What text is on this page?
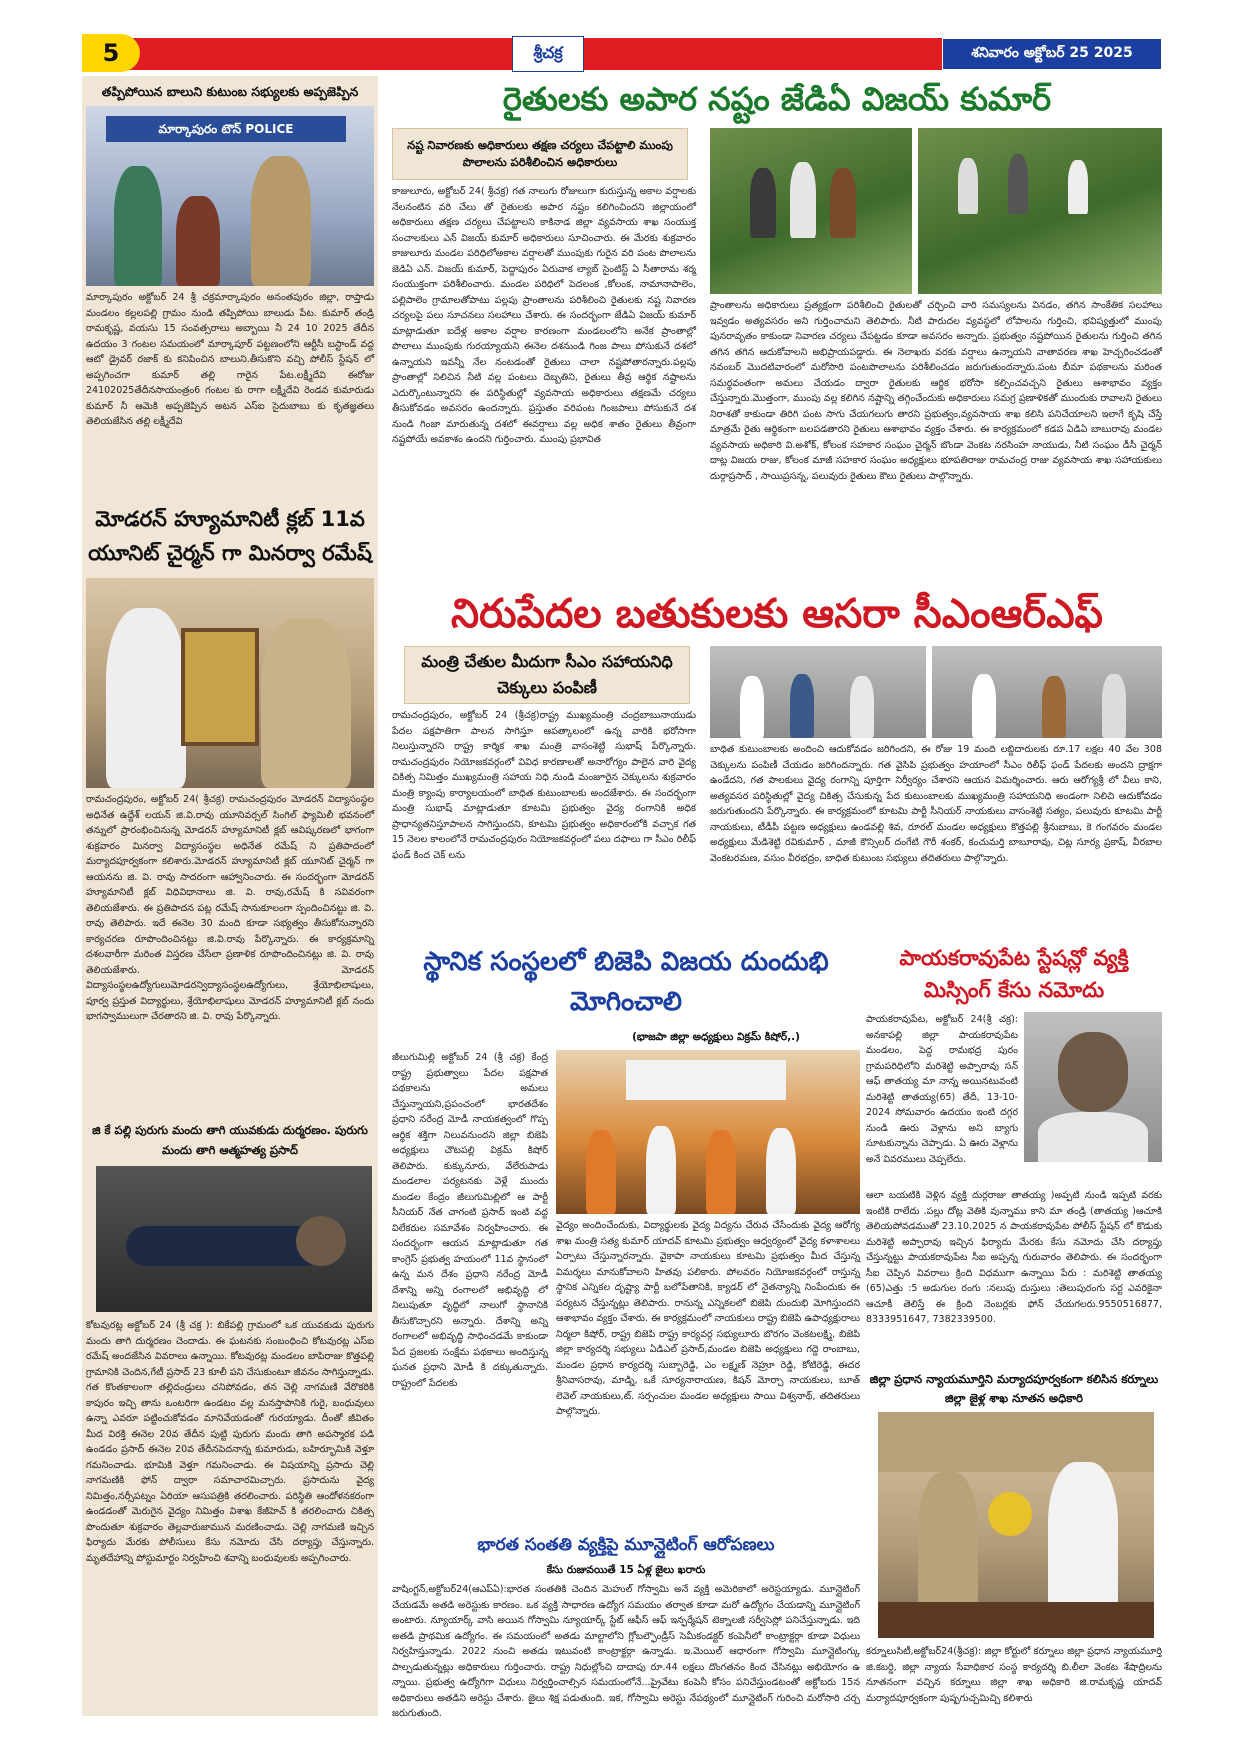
5	శ్రీచక్ర	శనివారం అక్టోబర్ 25 2025
తప్పిపోయిన బాలుని కుటుంబ సభ్యులకు అప్పజెప్పిన
మార్కాపురం టౌన్ POLICE
మార్కాపురం అక్టోబర్ 24 శ్రీ చక్రమార్కాపురం అనంతపురం జిల్లా, రాప్తాడు మండలం కల్లలపల్లి గ్రామం నుండి తప్పిపోయి బాలుడు పేట. కుమార్ తండ్రి రామకృష్ణ, వయసు 15 సంవత్సరాలు అబ్బాయి నీ 24 10 2025 తేదీన ఉదయం 3 గంటల సమయంలో మార్కాపూర్ పట్టణంలోని ఆర్టీసీ బస్టాండ్ వద్ద ఆటో డ్రైవర్ రజాక్ కు కనిపించిన బాలుని.తీసుకొని వచ్చి పోలీస్ స్టేషన్ లో అప్పగించగా కుమార్ తల్లి గారైన పేట.లక్ష్మీదేవి ఈరోజు 24102025తేదీనసాయంత్రం6 గంటల కు రాగా లక్ష్మీదేవి రెండవ కుమారుడు కుమార్ నీ ఆమెకి అప్పజెప్పిన అటన ఎస్ఐ సైదుబాబు కు కృతజ్ఞతలు తెలియజేసిన తల్లి లక్ష్మీదేవి
మోడరన్ హ్యూమానిటీ క్లబ్ 11వ యూనిట్ చైర్మన్ గా మినర్వా రమేష్
రామచంద్రపురం, అక్టోబర్ 24( శ్రీచక్ర) రామచంద్రపురం మోడరన్ విద్యాసంస్థల అధినేత ఉద్దేశ్ లయన్ జి.వి.రావు యూనివర్సల్ సింగిల్ ఫ్యామిలీ భవనంలో తన్నులో ప్రారంభించినున్న మోడరన్ హ్యూమానిటీ క్లబ్ ఆవిష్కరణలో భాగంగా శుక్రవారం మినర్వా విద్యాసంస్థల అధినేత రమేష్ ని ప్రతిపాదంలో మర్యాదపూర్వకంగా కలిశారు.మోడరన్ హ్యూమానిటీ క్లబ్ యూనిట్ చైర్మన్ గా ఆయనను జి. వి. రావు సాదరంగా ఆహ్వానించారు. ఈ సందర్భంగా మోడరన్ హ్యూమానిటీ క్లబ్ విధివిధానాలు జి. వి. రావు,రమేష్ కి సవివరంగా తెలియజేశారు. ఈ ప్రతిపాదన పట్ల రమేష్ సానుకూలంగా స్పందించినట్టు జి. వి. రావు తెలిపారు. ఇదే ఈనెల 30 మంది కూడా సభ్యత్వం తీసుకోనున్నారని కార్యచరణ రూపొందించినట్టు జి.వి.రావు పేర్కొన్నారు. ఈ కార్యక్రమాన్ని దశలవారీగా మరింత విస్తరణ చేసేలా ప్రణాళిక రూపొందించినట్లు జి. వి. రావు తెలియజేశారు. మోడరన్ విద్యాసంస్థలఉద్యోగులుమోడరన్విద్యాసంస్థలఉద్యోగులు, శ్రేయోభిలాషులు, పూర్వ ప్రస్తుత విద్యార్థులు, శ్రేయోభిలాషులు మోడరన్ హ్యూమానిటీ క్లబ్ నందు భాగస్వాములుగా చేరతారని జి. వి. రావు పేర్కొన్నారు.
జి కే పల్లి పురుగు మందు తాగి యువకుడు దుర్మరణం. పురుగు మందు తాగి ఆత్మహత్య ప్రసాద్
కోటవురట్ల అక్టోబర్ 24 (శ్రీ చక్ర ): బికేపల్లి గ్రామంలో ఒక యువకుడు పురుగు మందు తాగి దుర్మరణం చెందాడు. ఈ ఘటనకు సంబంధించి కోటవురట్ల ఎస్ఐ రమేష్ అందజేసిన వివరాలు ఉన్నాయి. కోటవురట్ల మండలం బాపిరాజు కొత్తపల్లి గ్రామానికి చెందిన,గేటీ ప్రసాద్ 23 కూలీ పని చేసుకుంటూ జీవనం సాగిస్తున్నాడు. గత కొంతకాలంగా తల్లిదండ్రులు చనిపోవడం, తన చెల్లి నాగమణి వేరొకరికి కాపురం ఇచ్చి తాను ఒంటరిగా ఉండటం వల్ల మనస్తాపానికి గురై, బంధువులు ఉన్నా ఎవరూ పట్టించుకోవడం మానివేయడంతో గురయ్యాడు. దీంతో జీవితం మీద విరక్తి ఈనెల 20వ తేదీన పుట్టి పురుగు మందు తాగి అపస్మారక పడి ఉండడం ప్రసాద్ ఈనెల 20వ తేదీనపెదనాన్న కుమారుడు, బహిర్భూమికి వెళ్తూ గమనించాడు. భూమికి వెళ్తూ గమనించాడు. ఈ విషయాన్ని ప్రసాదు చెల్లి నాగమణికి ఫోన్ ద్వారా సమాచారమిచ్చారు. ప్రసాదును వైద్య నిమిత్తం,నర్సీపట్నం ఏరియా ఆసుపత్రికి తరలించారు. పరిస్థితి ఆందోళనకరంగా ఉండడంతో మెరుగైన వైద్యం నిమిత్తం విశాఖ కేజీహెచ్ కి తరలించారు చికిత్స పొందుతూ శుక్రవారం తెల్లవారుజామున మరణించాడు. చెల్లి నాగమణి ఇచ్చిన ఫిర్యాదు మేరకు పోలీసులు కేసు నమోదు చేసి దర్యాప్తు చేస్తున్నారు. మృతదేహాన్ని పోస్టుమార్టం నిర్వహించి శవాన్ని బంధువులకు అప్పగించారు.
రైతులకు అపార నష్టం జేడిఏ విజయ్ కుమార్
నష్ట నివారణకు అధికారులు తక్షణ చర్యలు చేపట్టాలి ముంపు పొలాలను పరిశీలించిన అధికారులు
కాజులూరు, అక్టోబర్ 24( శ్రీచక్ర) గత నాలుగు రోజులుగా కురుస్తున్న అకాల వర్షాలకు నేలనంటిన వరి చేలు తో రైతులకు అపార నష్టం కలిగించిందని జిల్లాయంలో అధికారులు తక్షణ చర్యలు చేపట్టాలని కాకినాడ జిల్లా వ్యవసాయ శాఖ సంయుక్త సంచాలకులు ఎన్ విజయ్ కుమార్ అధికారులు సూచించారు. ఈ మేరకు శుక్రవారం కాజులూరు మండల పరిధిలోఅకాల వర్షాలతో ముంపుకు గురైన వరి పంట పొలాలను జెడిఏ ఎన్. విజయ్ కుమార్, పెద్దాపురం ఏరువాక ల్యాబ్ సైంటిస్ట్ ఏ సీతారామ శర్మ సంయుక్తంగా పరిశీలించారు. మండల పరిధిలో పెదలంక ,కోలంక, నామానాపాలెం, పల్లిపాలెం గ్రామాలతోపాటు పల్లపు ప్రాంతాలను పరిశీలించి రైతులకు నష్ట నివారణ చర్యలపై పలు సూచనలు సలహాలు చేశారు. ఈ సందర్భంగా జేడిఏ విజయ్ కుమార్ మాట్లాడుతూ ఐదేళ్ల అకాల వర్షాల కారణంగా మండలంలోని అనేక ప్రాంతాల్లో పొలాలు ముంపుకు గురయ్యాయని ఈనెల దశనుండి గింజ పాలు పోసుకునే దశలో ఉన్నాయని ఇవన్నీ నేల నంటడంతో రైతులు చాలా నష్టపోతారన్నారు.పల్లపు ప్రాంతాల్లో నిలిచిన నీటి వల్ల పంటలు దెబ్బతిని, రైతులు తీవ్ర ఆర్థిక నష్టాలను ఎదుర్కొంటున్నారని ఈ పరిస్థితుల్లో వ్యవసాయ అధికారులు తక్షణమే చర్యలు తీసుకోవడం అవసరం ఉందన్నారు. ప్రస్తుతం వరిపంట గింజపాలు పోసుకునే దశ నుండి గింజా మారుతున్న దశలో ఈవర్షాలు వల్ల అధిక శాతం రైతులు తీవ్రంగా నష్టపోయే అవకాశం ఉందని గుర్తించారు. ముంపు ప్రభావిత
ప్రాంతాలను అధికారులు ప్రత్యక్షంగా పరిశీలించి రైతులతో చర్చించి వారి సమస్యలను వినడం, తగిన సాంకేతిక సలహాలు ఇవ్వడం అత్యవసరం అని గుర్తించామని తెలిపారు. నీటి పారుదల వ్యవస్థలో లోపాలను గుర్తించి, భవిష్యత్తులో ముంపు పునరావృతం కాకుండా నివారణ చర్యలు చేపట్టడం కూడా అవసరం అన్నారు. ప్రభుత్వం నష్టపోయిన రైతులను గుర్తించి తగిన తగిన తగిన ఆదుకోవాలని అభిప్రాయపడ్డారు. ఈ నెలాఖరు వరకు వర్షాలు ఉన్నాయని వాతావరణ శాఖ హెచ్చరించడంతో నవంబర్ మొదటివారంలో మరోసారి పంటపొలాలను పరిశీలించడం జరుగుతుందన్నారు.పంట బీమా పథకాలను మరింత సమర్థవంతంగా అమలు చేయడం ద్వారా రైతులకు ఆర్థిక భరోసా కల్పించవచ్చని రైతులు ఆశాభావం వ్యక్తం చేస్తున్నారు.మొత్తంగా, ముంపు వల్ల కలిగిన నష్టాన్ని తగ్గించేందుకు అధికారులు సమగ్ర ప్రణాళికతో ముందుకు రావాలని రైతులు నిరాశతో కాకుండా తిరిగి పంట సాగు చేయగలుగు తారని ప్రభుత్వం,వ్యవసాయ శాఖ కలిసి పనిచేయాలని ఇలాగే కృషి చేస్తే మాత్రమే రైతు ఆర్థికంగా బలపడతారని రైతులు ఆశాభావం వ్యక్తం చేశారు. ఈ కార్యక్రమంలో కడప ఏడిఏ బాబురావు మండల వ్యవసాయ అధికారి వి.అశోక్, కోలంక సహకార సంఘం చైర్మన్ బొండా వెంకట నరసింహ నాయుడు, నీటి సంఘం డీసీ చైర్మన్ దాట్ల విజయ రాజు, కోలంక మాజీ సహకార సంఘం అధ్యక్షులు భూపతిరాజు రామచంద్ర రాజు వ్యవసాయ శాఖ సహాయకులు దుర్గాప్రసాద్ , సాయిప్రసన్న, పలువురు రైతులు కౌలు రైతులు పాల్గొన్నారు.
నిరుపేదల బతుకులకు ఆసరా సీఎంఆర్ఎఫ్
మంత్రి చేతుల మీదుగా సీఎం సహాయనిధి చెక్కులు పంపిణీ
రామచంద్రపురం, అక్టోబర్ 24 (శ్రీచక్ర)రాష్ట్ర ముఖ్యమంత్రి చంద్రబాబునాయుడు పేదల పక్షపాతిగా పాలన సాగిస్తూ ఆపత్కాలంలో ఉన్న వారికి భరోసాగా నిలుస్తున్నారని రాష్ట్ర కార్మిక శాఖ మంత్రి వాసంశెట్టి సుభాష్ పేర్కొన్నారు. రామచంద్రపురం నియోజకవర్గంలో వివిధ కారణాలతో అనారోగ్యం పాలైన వారి వైద్య చికిత్స నిమిత్తం ముఖ్యమంత్రి సహాయ నిధి నుండి మంజూరైన చెక్కులను శుక్రవారం మంత్రి క్యాంపు కార్యాలయంలో బాధిత కుటుంబాలకు అందజేశారు. ఈ సందర్భంగా మంత్రి సుభాష్ మాట్లాడుతూ కూటమి ప్రభుత్వం వైద్య రంగానికి అధిక ప్రాధాన్యతనిస్తూపాలన సాగిస్తుందని, కూటమి ప్రభుత్వం అధికారంలోకి వచ్చాక గత 15 నెలల కాలంలోనే రామచంద్రపురం నియోజకవర్గంలో పలు దఫాలు గా సీఎం రిలీఫ్ ఫండ్ కింద చెక్ లను
బాధిత కుటుంబాలకు అందించి ఆదుకోవడం జరిగిందని, ఈ రోజు 19 మంది లబ్దిదారులకు రూ.17 లక్షల 40 వేల 308 చెక్కులను పంపిణీ చేయడం జరిగిందన్నారు. గత వైసిపి ప్రభుత్వం హయాంలో సీఎం రిలీఫ్ ఫండ్ పేదలకు అందని ద్రాక్షగా ఉండేదని, గత పాలకులు వైద్య రంగాన్ని పూర్తిగా నిర్వీర్యం చేశారని ఆయన విమర్శించారు. ఆరు ఆరోగ్యశ్రీ లో వీలు కాని, అత్యవసర పరిస్థితుల్లో వైద్య చికిత్స చేసుకున్న పేద కుటుంబాలకు ముఖ్యమంత్రి సహాయనిధి అండంగా నిలిచి ఆదుకోవడం జరుగుతుందని పేర్కొన్నారు. ఈ కార్యక్రమంలో కూటమి పార్టీ సీనియర్ నాయకులు వాసంశెట్టి సత్యం, పలువురు కూటమి పార్టీ నాయకులు, టీడీపీ పట్టణ అధ్యక్షులు ఉండవల్లి శివ, రూరల్ మండల అధ్యక్షులు కొత్తపల్లి శ్రీనుబాబు, కె గంగవరం మండల అధ్యక్షులు మేడిశెట్టి రవికుమార్ , మాజీ కౌన్సిలర్ దంగేటి గౌరీ శంకర్, కంచుమర్తి బాబూరావు, చిట్ల సూర్య ప్రకాష్, వీరబాల వెంకటరమణ, వసుం వీరభద్రం, బాధిత కుటుంబ సభ్యులు తదితరులు పాల్గొన్నారు.
స్థానిక సంస్థలలో బిజెపి విజయ దుందుభి మోగించాలి
(భాజపా జిల్లా అధ్యక్షులు విక్రమ్ కిషోర్,.)
జీలుగుమిల్లి అక్టోబర్ 24 (శ్రీ చక్ర) కేంద్ర రాష్ట్ర ప్రభుత్వాలు పేదల పక్షపాత పథకాలను అమలు చేస్తున్నాయని,ప్రపంచంలో భారతదేశం ప్రధాని నరేంద్ర మోడీ నాయకత్వంలో గొప్ప ఆర్థిక శక్తిగా నిలువనుందని జిల్లా బిజెపి అధ్యక్షులు చౌటపల్లి విక్రమ్ కిషోర్ తెలిపారు. కుక్కునూరు, వేలేరుపాడు మండలాల పర్యటనకు వెళ్లే ముందు మండల కేంద్రం జీలుగుమిల్లిలో ఆ పార్టీ సీనియర్ నేత చాగంటి ప్రసాద్ ఇంటి వద్ద విలేకరుల సమావేశం నిర్వహించారు. ఈ సందర్భంగా ఆయన మాట్లాడుతూ గత కాంగ్రెస్ ప్రభుత్వ హయంలో 11వ స్థానంలో ఉన్న మన దేశం ప్రధాని నరేంద్ర మోడీ దేశాన్ని అన్ని రంగాలలో అభివృద్ధి లో నిలుపుతూ వృద్ధిలో నాలుగో స్థానానికి తీసుకొచ్చారని అన్నారు. దేశాన్ని అన్ని రంగాలలో అభివృద్ధి సాధించడమే కాకుండా పేద ప్రజలకు సంక్షేమ పథకాలు అందిస్తున్న ఘనత ప్రధాని మోడీ కి దక్కుతున్నారు. రాష్ట్రంలో పేదలకు
వైద్యం అందించేందుకు, విద్యార్థులకు వైద్య విద్యను చేరువ చేసేందుకు వైద్య ఆరోగ్య శాఖ మంత్రి సత్య కుమార్ యాదవ్ కూటమి ప్రభుత్వం ఆధ్వర్యంలో వైద్య కళాశాలలు ఏర్పాటు చేస్తున్నారన్నారు. వైకాపా నాయకులు కూటమి ప్రభుత్వం మీద చేస్తున్న విమర్శలు మానుకోవాలని హితవు పలికారు. పోలవరం నియోజకవర్గంలో రాస్తున్న స్థానిక ఎన్నికల దృష్ట్యా పార్టీ బలోపేతానికి, క్యాడర్ లో నైతన్యాన్ని నింపేందుకు ఈ పర్యటన చేస్తున్నట్లు తెలిపారు. రానున్న ఎన్నికలలో బిజెపి దుందుభి మోగిస్తుందని ఆశాభావం వ్యక్తం చేశారు. ఈ కార్యక్రమంలో నాయకులు రాష్ట్ర బిజెపి ఉపాధ్యక్షురాలు నిర్మలా కిషోర్, రాష్ట్ర బిజెపి రాష్ట్ర కార్యవర్గ సభ్యులూరు బొరగం వెంకటలక్ష్మి, బిజెపి జిల్లా కార్యదర్శి సభ్యులు ఏడిఎల్ ప్రసాద్,మండల బిజెపి అధ్యక్షులు గద్దె రాంబాబు, మండల ప్రధాన కార్యదర్శి సుబ్బారెడ్డి, ఎం లక్ష్మణ్ నెహ్రూ రెడ్డి, కోటిరెడ్డి, ఈదర శ్రీనివాసరావు, మాడ్ని, ఒకే సూర్యనారాయణ, కిషన్ మోర్చా నాయకులు, బూత్ లెవెల్ నాయకులు,ట్. సర్పంచుల మండల అధ్యక్షులు సాయి విశ్వనాథ్, తదితరులు పాల్గొన్నారు.
పాయకరావుపేట స్టేషన్లో వ్యక్తి మిస్సింగ్ కేసు నమోదు
పాయకరావుపేట, అక్టోబర్ 24(శ్రీ చక్ర): అనకాపల్లి జిల్లా పాయకరావుపేట మండలం, పెద్ద రామభద్ర పురం గ్రామపరిధిలోని మరిశెట్టి అప్పారావు సన్ ఆఫ్ తాతయ్య మా నాన్న అయినటువంటి మరిశెట్టి తాతయ్య(65) తేదీ, 13-10-2024 సోమవారం ఉదయం ఇంటి దగ్గర నుండి ఊరు వెళ్లాను అని బ్యాగు సూటకున్నాను చెప్పాడు. ఏ ఊరు వెళ్లాను అనే వివరములు చెప్పలేదు.
ఆలా బయటికి వెళ్లిన వ్యక్తి దుర్గరాజు తాతయ్య )అప్పటి నుండి ఇప్పటి వరకు ఇంటికి రాలేదు .పల్లు దోట్ల వెతికి వున్నాము కాని మా తండ్రి (తాతయ్య )ఆచూకి తెలియపోవడముతో 23.10.2025 న పాయకరావుపేట పోలీస్ స్టేషన్ లో కొడుకు మరిశెట్టి అప్పారావు ఇచ్చిన ఫిర్యాదు మేరకు కేసు నమోదు చేసి దర్యాప్తు చేస్తున్నట్టు పాయకరావుపేట సీఐ అప్పన్న గురువారం తెలిపారు. ఈ సందర్భంగా సీఐ చెప్పిన వివరాలు క్రింది విధముగా ఉన్నాయి పేరు : మరిశెట్టి తాతయ్య (65)ఎత్తు :5 అడుగుల రంగు :నలుపు దుస్తులు :తెలుపురంగు సర్ట ఎవరికైనా ఆచూకీ తెలిస్తే ఈ క్రింది నెంబర్లకు ఫోన్ చేయగలరు.9550516877, 8333951647, 7382339500.
జిల్లా ప్రధాన న్యాయమూర్తిని మర్యాదపూర్వకంగా కలిసిన కర్నూలు జిల్లా జైళ్ల శాఖ నూతన అధికారి
కర్నూలుసిటీ,అక్టోబర్24(శ్రీచక్ర): జిల్లా కోర్టులో కర్నూలు జిల్లా ప్రధాన న్యాయమూర్తి జి.కబర్డి, జిల్లా న్యాయ సేవాధికార సంస్థ కార్యదర్శి బి.లీలా వెంకట శేషాద్రిలను నూతనంగా వచ్చిన కర్నూలు జిల్లా శాఖ అధికారి జి.రామకృష్ణ యాదవ్ మర్యాదపూర్వకంగా పుష్పగుచ్చమిచ్చి కలిశారు
భారత సంతతి వ్యక్తిపై మూన్లైటింగ్ ఆరోపణలు
కేసు రుజువయితే 15 ఏళ్ల జైలు ఖరారు
వాషింగ్టన్,అక్టోబర్24(ఆఎప్ఏ):భారత సంతతికి చెందిన మెహుల్ గోస్వామి అనే వ్యక్తి అమెరికాలో అరెస్టయ్యాడు. మూన్లైటింగ్ చేయడమే అతడి అరెస్టుకు కారణం. ఒక వ్యక్తి సాధారణ ఉద్యోగ సమయం తర్వాత కూడా మరో ఉద్యోగం చేయడాన్ని మూన్లైటింగ్ అంటారు. న్యూయార్క్ వాసి అయిన గోస్వామి న్యూయార్క్ స్టేట్ ఆఫీస్ ఆఫ్ ఇన్ఫర్మేషన్ టెక్నాలజీ సర్వీసెస్లో పనిచేస్తున్నాడు. ఇది అతడి ప్రాథమిక ఉద్యోగం. ఈ సమయంలో అతడు మాల్టాలోని గ్లోబల్ఫౌండ్రీస్ సెమీకండక్టర్ కంపెనీలో కాంట్రాక్టర్గా కూడా విధులు నిర్వహిస్తున్నాడు. 2022 నుంచి అతడు ఇటువంటి కాంట్రాక్టర్గా ఉన్నాడు. ఇ.మెయిల్ ఆధారంగా గోస్వామి మూన్లైటింగ్కు పాల్పడుతున్నట్లు అధికారులు గుర్తించారు. రాష్ట్ర నిధుల్లోంచి దాదాపు రూ.44 లక్షలు దొంగతనం కింద చేసినట్లు అభియోగం ఉ న్నాయి. ప్రభుత్వ ఉద్యోగిగా విధులు నిర్వర్తించాల్సిన సమయంలోనే...ప్రైవేటు కంపెనీ కోసం పనిచేస్తుండటంతో అక్టోబరు 15న అధికారులు అతడిని అరెస్టు చేశారు. జైలు శిక్ష పడుతుంది. ఇక, గోస్వామి అరెస్టు నేపథ్యంలో మూన్లైటింగ్ గురించి మరోసారి చర్చ జరుగుతుంది.
